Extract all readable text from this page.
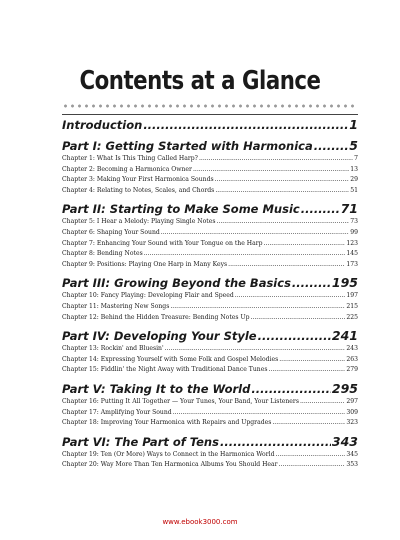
Contents at a Glance
Introduction .....	1
Part I: Getting Started with Harmonica .....	5
Chapter 1: What Is This Thing Called Harp? .....	7
Chapter 2: Becoming a Harmonica Owner .....	13
Chapter 3: Making Your First Harmonica Sounds .....	29
Chapter 4: Relating to Notes, Scales, and Chords .....	51
Part II: Starting to Make Some Music .....	71
Chapter 5: I Hear a Melody: Playing Single Notes .....	73
Chapter 6: Shaping Your Sound .....	99
Chapter 7: Enhancing Your Sound with Your Tongue on the Harp .....	123
Chapter 8: Bending Notes .....	145
Chapter 9: Positions: Playing One Harp in Many Keys .....	173
Part III: Growing Beyond the Basics .....	195
Chapter 10: Fancy Playing: Developing Flair and Speed .....	197
Chapter 11: Mastering New Songs .....	215
Chapter 12: Behind the Hidden Treasure: Bending Notes Up .....	225
Part IV: Developing Your Style .....	241
Chapter 13: Rockin' and Bluesin' .....	243
Chapter 14: Expressing Yourself with Some Folk and Gospel Melodies .....	263
Chapter 15: Fiddlin' the Night Away with Traditional Dance Tunes .....	279
Part V: Taking It to the World .....	295
Chapter 16: Putting It All Together — Your Tunes, Your Band, Your Listeners .....	297
Chapter 17: Amplifying Your Sound .....	309
Chapter 18: Improving Your Harmonica with Repairs and Upgrades .....	323
Part VI: The Part of Tens .....	343
Chapter 19: Ten (Or More) Ways to Connect in the Harmonica World .....	345
Chapter 20: Way More Than Ten Harmonica Albums You Should Hear .....	353
www.ebook3000.com
